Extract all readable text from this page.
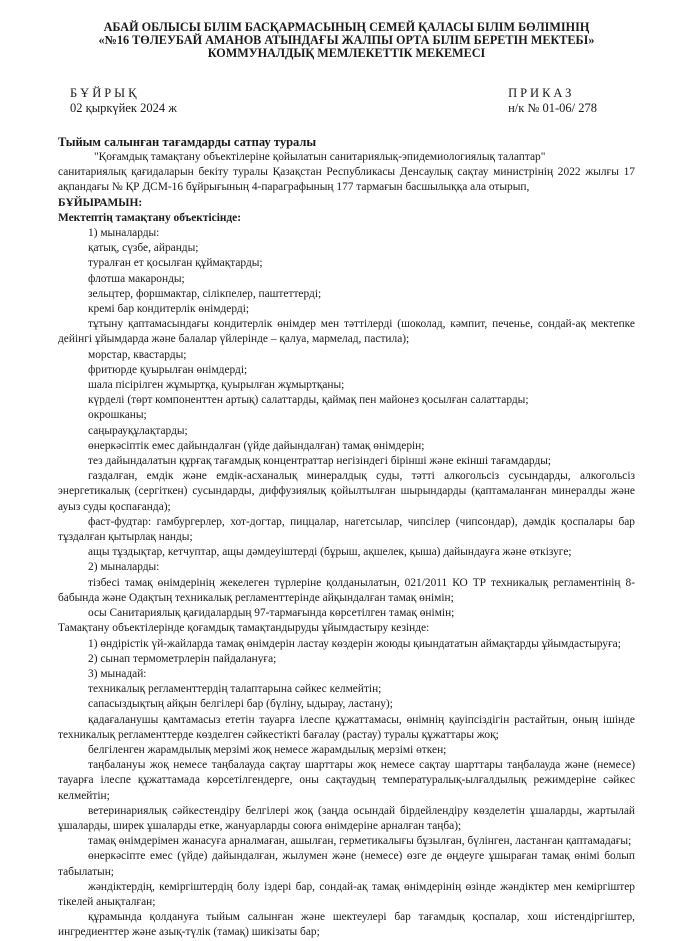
АБАЙ ОБЛЫСЫ БІЛІМ БАСҚАРМАСЫНЫҢ СЕМЕЙ ҚАЛАСЫ БІЛІМ БӨЛІМІНІҢ
«№16 ТӨЛЕУБАЙ АМАНОВ АТЫНДАҒЫ ЖАЛПЫ ОРТА БІЛІМ БЕРЕТІН МЕКТЕБІ»
КОММУНАЛДЫҚ МЕМЛЕКЕТТІК МЕКЕМЕСІ
БҰЙРЫҚ
02 қыркүйек 2024 ж
ПРИКАЗ
н/к № 01-06/ 278
Тыйым салынған тағамдарды сатпау туралы

"Қоғамдық тамақтану объектілеріне қойылатын санитариялық-эпидемиологиялық талаптар"

санитариялық қағидаларын бекіту туралы Қазақстан Республикасы Денсаулық сақтау министрінің 2022 жылғы 17 ақпандағы № ҚР ДСМ-16 бұйрығының 4-параграфының 177 тармағын басшылыққа ала отырып,

БҰЙЫРАМЫН:

Мектептің тамақтану объектісінде:

1) мыналарды:

қатық, сүзбе, айранды;

туралған ет қосылған құймақтарды;

флотша макаронды;

зельцтер, форшмактар, сілікпелер, паштеттерді;

кремі бар кондитерлік өнімдерді;

тұтыну қаптамасындағы кондитерлік өнімдер мен тәттілерді (шоколад, кәмпит, печенье, сондай-ақ мектепке дейінгі ұйымдарда және балалар үйлерінде – қалуа, мармелад, пастила);

морстар, квастарды;

фритюрде қуырылған өнімдерді;

шала пісірілген жұмыртқа, қуырылған жұмыртқаны;

күрделі (төрт компоненттен артық) салаттарды, қаймақ пен майонез қосылған салаттарды;

окрошканы;

саңырауқұлақтарды;

өнеркәсіптік емес дайындалған (үйде дайындалған) тамақ өнімдерін;

тез дайындалатын құрғақ тағамдық концентраттар негізіндегі бірінші және екінші тағамдарды;

газдалған, емдік және емдік-асханалық минералдық суды, тәтті алкогольсіз сусындарды, алкогольсіз энергетикалық (сергіткен) сусындарды, диффузиялық қойылтылған шырындарды (қаптамаланған минералды және ауыз суды қоспағанда);

фаст-фудтар: гамбургерлер, хот-догтар, пиццалар, нагетсылар, чипсілер (чипсондар), дәмдік қоспалары бар тұздалған қытырлақ нанды;

ащы тұздықтар, кетчуптар, ащы дәмдеуіштерді (бұрыш, ақшелек, қыша) дайындауға және өткізуге;

2) мыналарды:

тізбесі тамақ өнімдерінің жекелеген түрлеріне қолданылатын, 021/2011 КО ТР техникалық регламентінің 8-бабында және Одақтың техникалық регламенттерінде айқындалған тамақ өнімін;

осы Санитариялық қағидалардың 97-тармағында көрсетілген тамақ өнімін;

Тамақтану объектілерінде қоғамдық тамақтандыруды ұйымдастыру кезінде:

1) өндірістік үй-жайларда тамақ өнімдерін ластау көздерін жоюды қиындататын аймақтарды ұйымдастыруға;

2) сынап термометрлерін пайдалануға;

3) мынадай:

техникалық регламенттердің талаптарына сәйкес келмейтін;

сапасыздықтың айқын белгілері бар (бүліну, ыдырау, ластану);

қадағаланушы қамтамасыз ететін тауарға ілеспе құжаттамасы, өнімнің қауіпсіздігін растайтын, оның ішінде техникалық регламенттерде көзделген сәйкестікті бағалау (растау) туралы құжаттары жоқ;

белгіленген жарамдылық мерзімі жоқ немесе жарамдылық мерзімі өткен;

таңбалануы жоқ немесе таңбалауда сақтау шарттары жоқ немесе сақтау шарттары таңбалауда және (немесе) тауарға ілеспе құжаттамада көрсетілгендерге, оны сақтаудың температуралық-ылғалдылық режимдеріне сәйкес келмейтін;

ветеринариялық сәйкестендіру белгілері жоқ (заңда осындай бірдейлендіру көзделетін ұшаларды, жартылай ұшаларды, ширек ұшаларды етке, жануарларды союға өнімдеріне арналған таңба);

тамақ өнімдерімен жанасуға арналмаған, ашылған, герметикалығы бұзылған, бүлінген, ластанған қаптамадағы;

өнеркәсіпте емес (үйде) дайындалған, жылумен және (немесе) өзге де өңдеуге ұшыраған тамақ өнімі болып табылатын;

жәндіктердің, кеміргіштердің болу іздері бар, сондай-ақ тамақ өнімдерінің өзінде жәндіктер мен кеміргіштер тікелей анықталған;

құрамында қолдануға тыйым салынған және шектеулері бар тағамдық қоспалар, хош иістендіргіштер, ингредиенттер және азық-түлік (тамақ) шикізаты бар;
